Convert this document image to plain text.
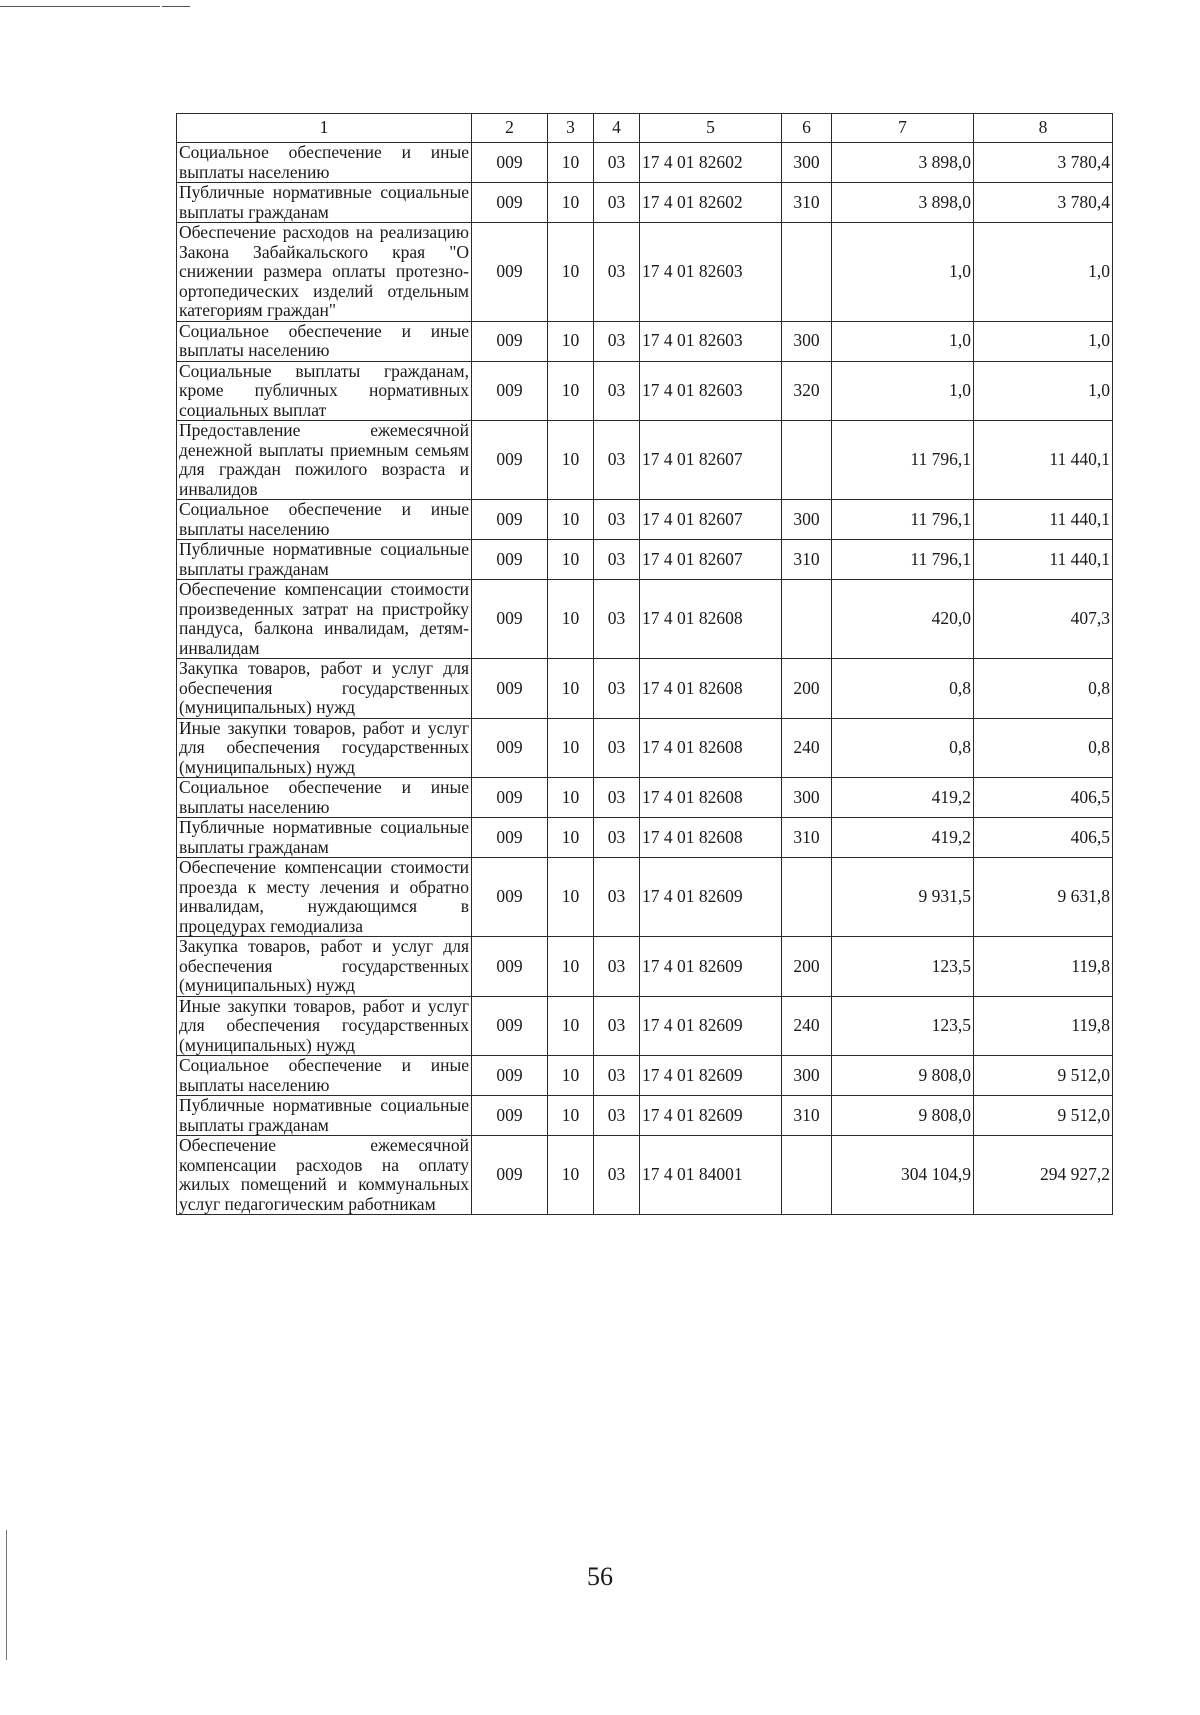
1	2	3	4	5	6	7	8
Социальное обеспечение и иные выплаты населению	009	10	03	17 4 01 82602	300	3 898,0	3 780,4
Публичные нормативные социальные выплаты гражданам	009	10	03	17 4 01 82602	310	3 898,0	3 780,4
Обеспечение расходов на реализацию Закона Забайкальского края "О снижении размера оплаты протезно-ортопедических изделий отдельным категориям граждан"	009	10	03	17 4 01 82603		1,0	1,0
Социальное обеспечение и иные выплаты населению	009	10	03	17 4 01 82603	300	1,0	1,0
Социальные выплаты гражданам, кроме публичных нормативных социальных выплат	009	10	03	17 4 01 82603	320	1,0	1,0
Предоставление ежемесячной денежной выплаты приемным семьям для граждан пожилого возраста и инвалидов	009	10	03	17 4 01 82607		11 796,1	11 440,1
Социальное обеспечение и иные выплаты населению	009	10	03	17 4 01 82607	300	11 796,1	11 440,1
Публичные нормативные социальные выплаты гражданам	009	10	03	17 4 01 82607	310	11 796,1	11 440,1
Обеспечение компенсации стоимости произведенных затрат на пристройку пандуса, балкона инвалидам, детям-инвалидам	009	10	03	17 4 01 82608		420,0	407,3
Закупка товаров, работ и услуг для обеспечения государственных (муниципальных) нужд	009	10	03	17 4 01 82608	200	0,8	0,8
Иные закупки товаров, работ и услуг для обеспечения государственных (муниципальных) нужд	009	10	03	17 4 01 82608	240	0,8	0,8
Социальное обеспечение и иные выплаты населению	009	10	03	17 4 01 82608	300	419,2	406,5
Публичные нормативные социальные выплаты гражданам	009	10	03	17 4 01 82608	310	419,2	406,5
Обеспечение компенсации стоимости проезда к месту лечения и обратно инвалидам, нуждающимся в процедурах гемодиализа	009	10	03	17 4 01 82609		9 931,5	9 631,8
Закупка товаров, работ и услуг для обеспечения государственных (муниципальных) нужд	009	10	03	17 4 01 82609	200	123,5	119,8
Иные закупки товаров, работ и услуг для обеспечения государственных (муниципальных) нужд	009	10	03	17 4 01 82609	240	123,5	119,8
Социальное обеспечение и иные выплаты населению	009	10	03	17 4 01 82609	300	9 808,0	9 512,0
Публичные нормативные социальные выплаты гражданам	009	10	03	17 4 01 82609	310	9 808,0	9 512,0
Обеспечение ежемесячной компенсации расходов на оплату жилых помещений и коммунальных услуг педагогическим работникам	009	10	03	17 4 01 84001		304 104,9	294 927,2
56
